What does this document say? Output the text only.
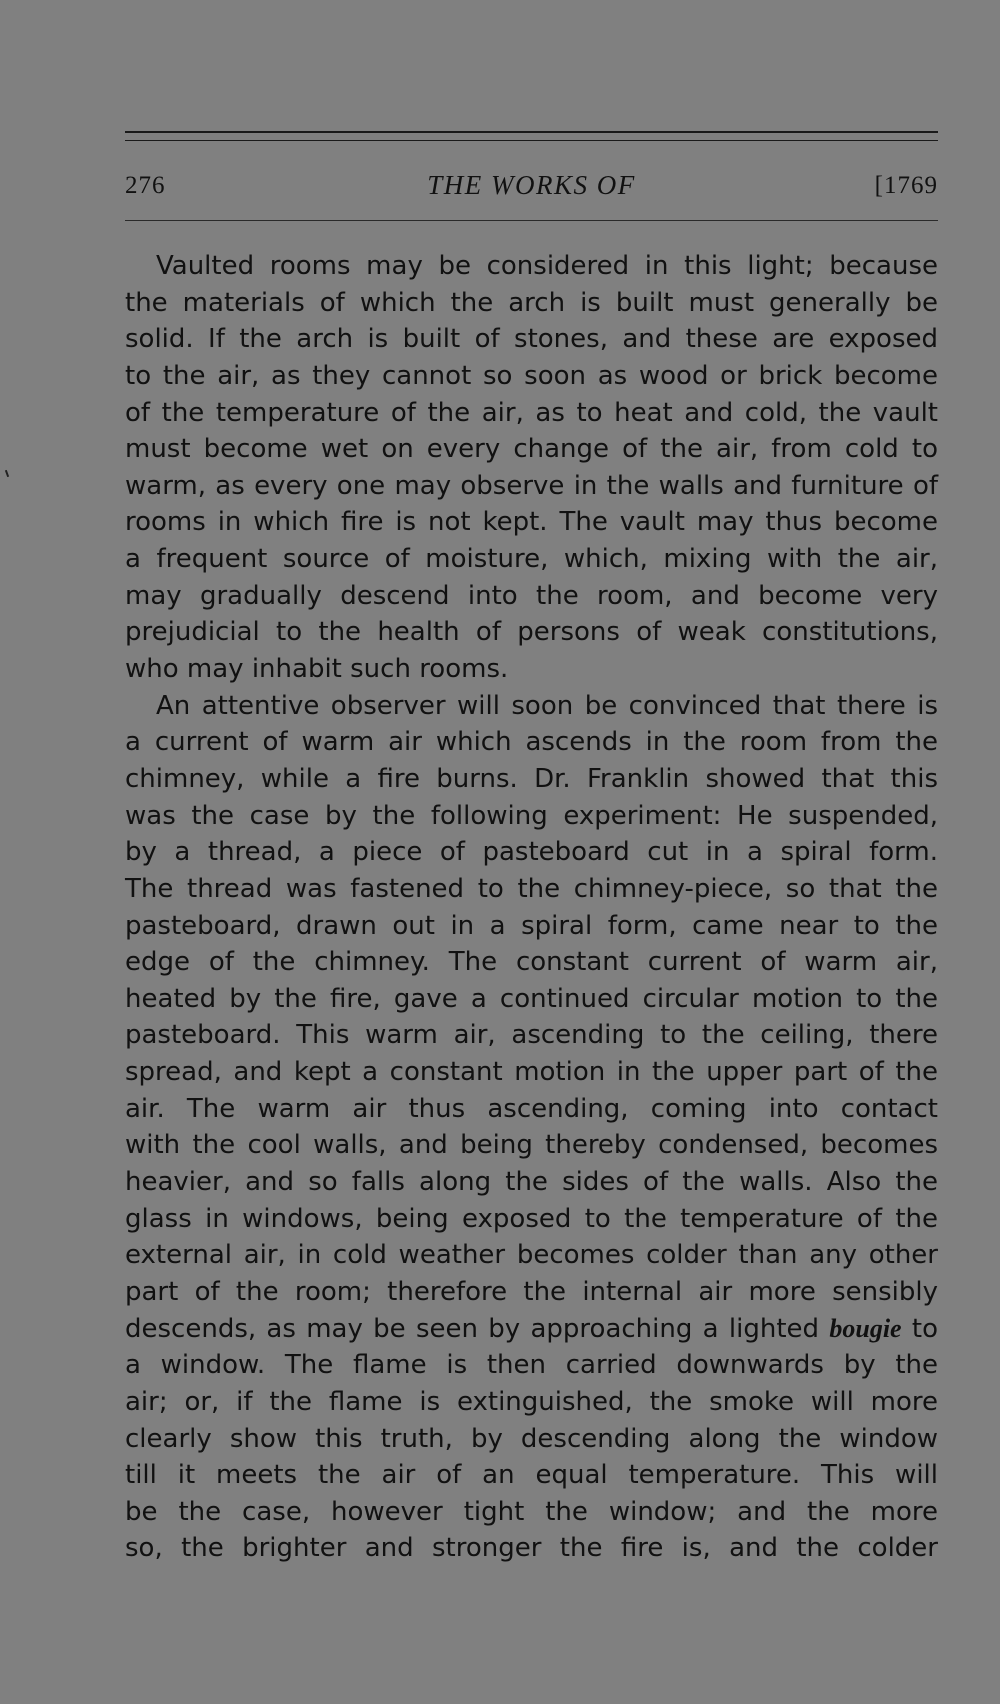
276	THE WORKS OF	[1769
Vaulted rooms may be considered in this light; because
the materials of which the arch is built must generally be
solid. If the arch is built of stones, and these are exposed
to the air, as they cannot so soon as wood or brick become
of the temperature of the air, as to heat and cold, the vault
must become wet on every change of the air, from cold to
warm, as every one may observe in the walls and furniture of
rooms in which fire is not kept. The vault may thus become
a frequent source of moisture, which, mixing with the air,
may gradually descend into the room, and become very
prejudicial to the health of persons of weak constitutions,
who may inhabit such rooms.
An attentive observer will soon be convinced that there is
a current of warm air which ascends in the room from the
chimney, while a fire burns. Dr. Franklin showed that this
was the case by the following experiment: He suspended,
by a thread, a piece of pasteboard cut in a spiral form.
The thread was fastened to the chimney-piece, so that the
pasteboard, drawn out in a spiral form, came near to the
edge of the chimney. The constant current of warm air,
heated by the fire, gave a continued circular motion to the
pasteboard. This warm air, ascending to the ceiling, there
spread, and kept a constant motion in the upper part of the
air. The warm air thus ascending, coming into contact
with the cool walls, and being thereby condensed, becomes
heavier, and so falls along the sides of the walls. Also the
glass in windows, being exposed to the temperature of the
external air, in cold weather becomes colder than any other
part of the room; therefore the internal air more sensibly
descends, as may be seen by approaching a lighted bougie to
a window. The flame is then carried downwards by the
air; or, if the flame is extinguished, the smoke will more
clearly show this truth, by descending along the window
till it meets the air of an equal temperature. This will
be the case, however tight the window; and the more
so, the brighter and stronger the fire is, and the colder
